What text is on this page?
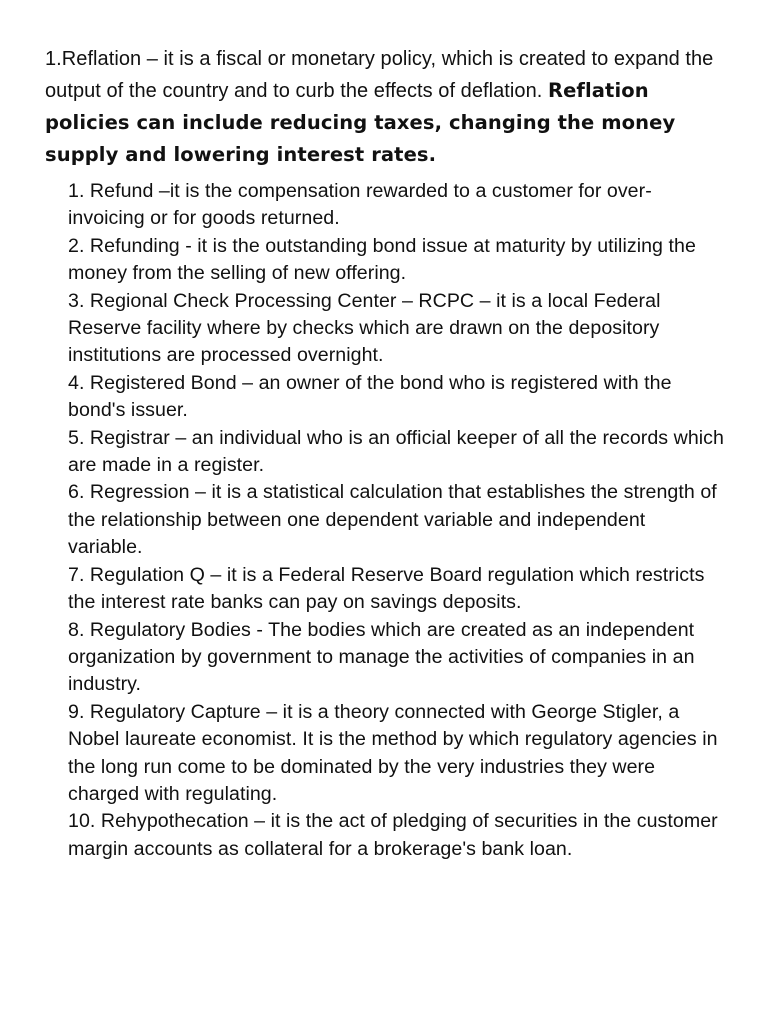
1.Reflation – it is a fiscal or monetary policy, which is created to expand the output of the country and to curb the effects of deflation. Reflation policies can include reducing taxes, changing the money supply and lowering interest rates.

1. Refund –it is the compensation rewarded to a customer for over-invoicing or for goods returned.
2. Refunding - it is the outstanding bond issue at maturity by utilizing the money from the selling of new offering.
3. Regional Check Processing Center – RCPC – it is a local Federal Reserve facility where by checks which are drawn on the depository institutions are processed overnight.
4. Registered Bond – an owner of the bond who is registered with the bond's issuer.
5. Registrar – an individual who is an official keeper of all the records which are made in a register.
6. Regression – it is a statistical calculation that establishes the strength of the relationship between one dependent variable and independent variable.
7. Regulation Q – it is a Federal Reserve Board regulation which restricts the interest rate banks can pay on savings deposits.
8. Regulatory Bodies - The bodies which are created as an independent organization by government to manage the activities of companies in an industry.
9. Regulatory Capture – it is a theory connected with George Stigler, a Nobel laureate economist. It is the method by which regulatory agencies in the long run come to be dominated by the very industries they were charged with regulating.
10. Rehypothecation – it is the act of pledging of securities in the customer margin accounts as collateral for a brokerage's bank loan.
